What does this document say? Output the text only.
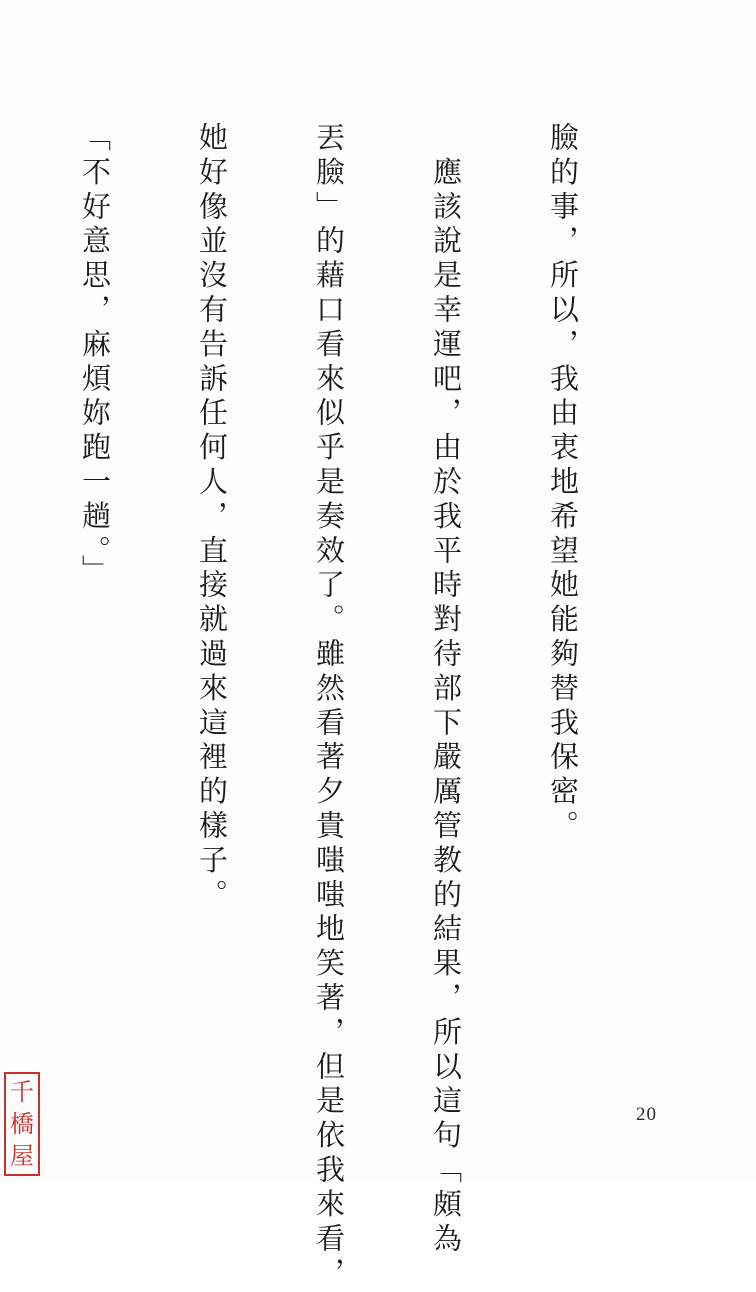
臉的事，所以，我由衷地希望她能夠替我保密。

　應該說是幸運吧，由於我平時對待部下嚴厲管教的結果，所以這句「頗為

丟臉」的藉口看來似乎是奏效了。雖然看著夕貴嗤嗤地笑著，但是依我來看，

她好像並沒有告訴任何人，直接就過來這裡的樣子。

「不好意思，麻煩妳跑一趟。」

20
千
橋
屋
